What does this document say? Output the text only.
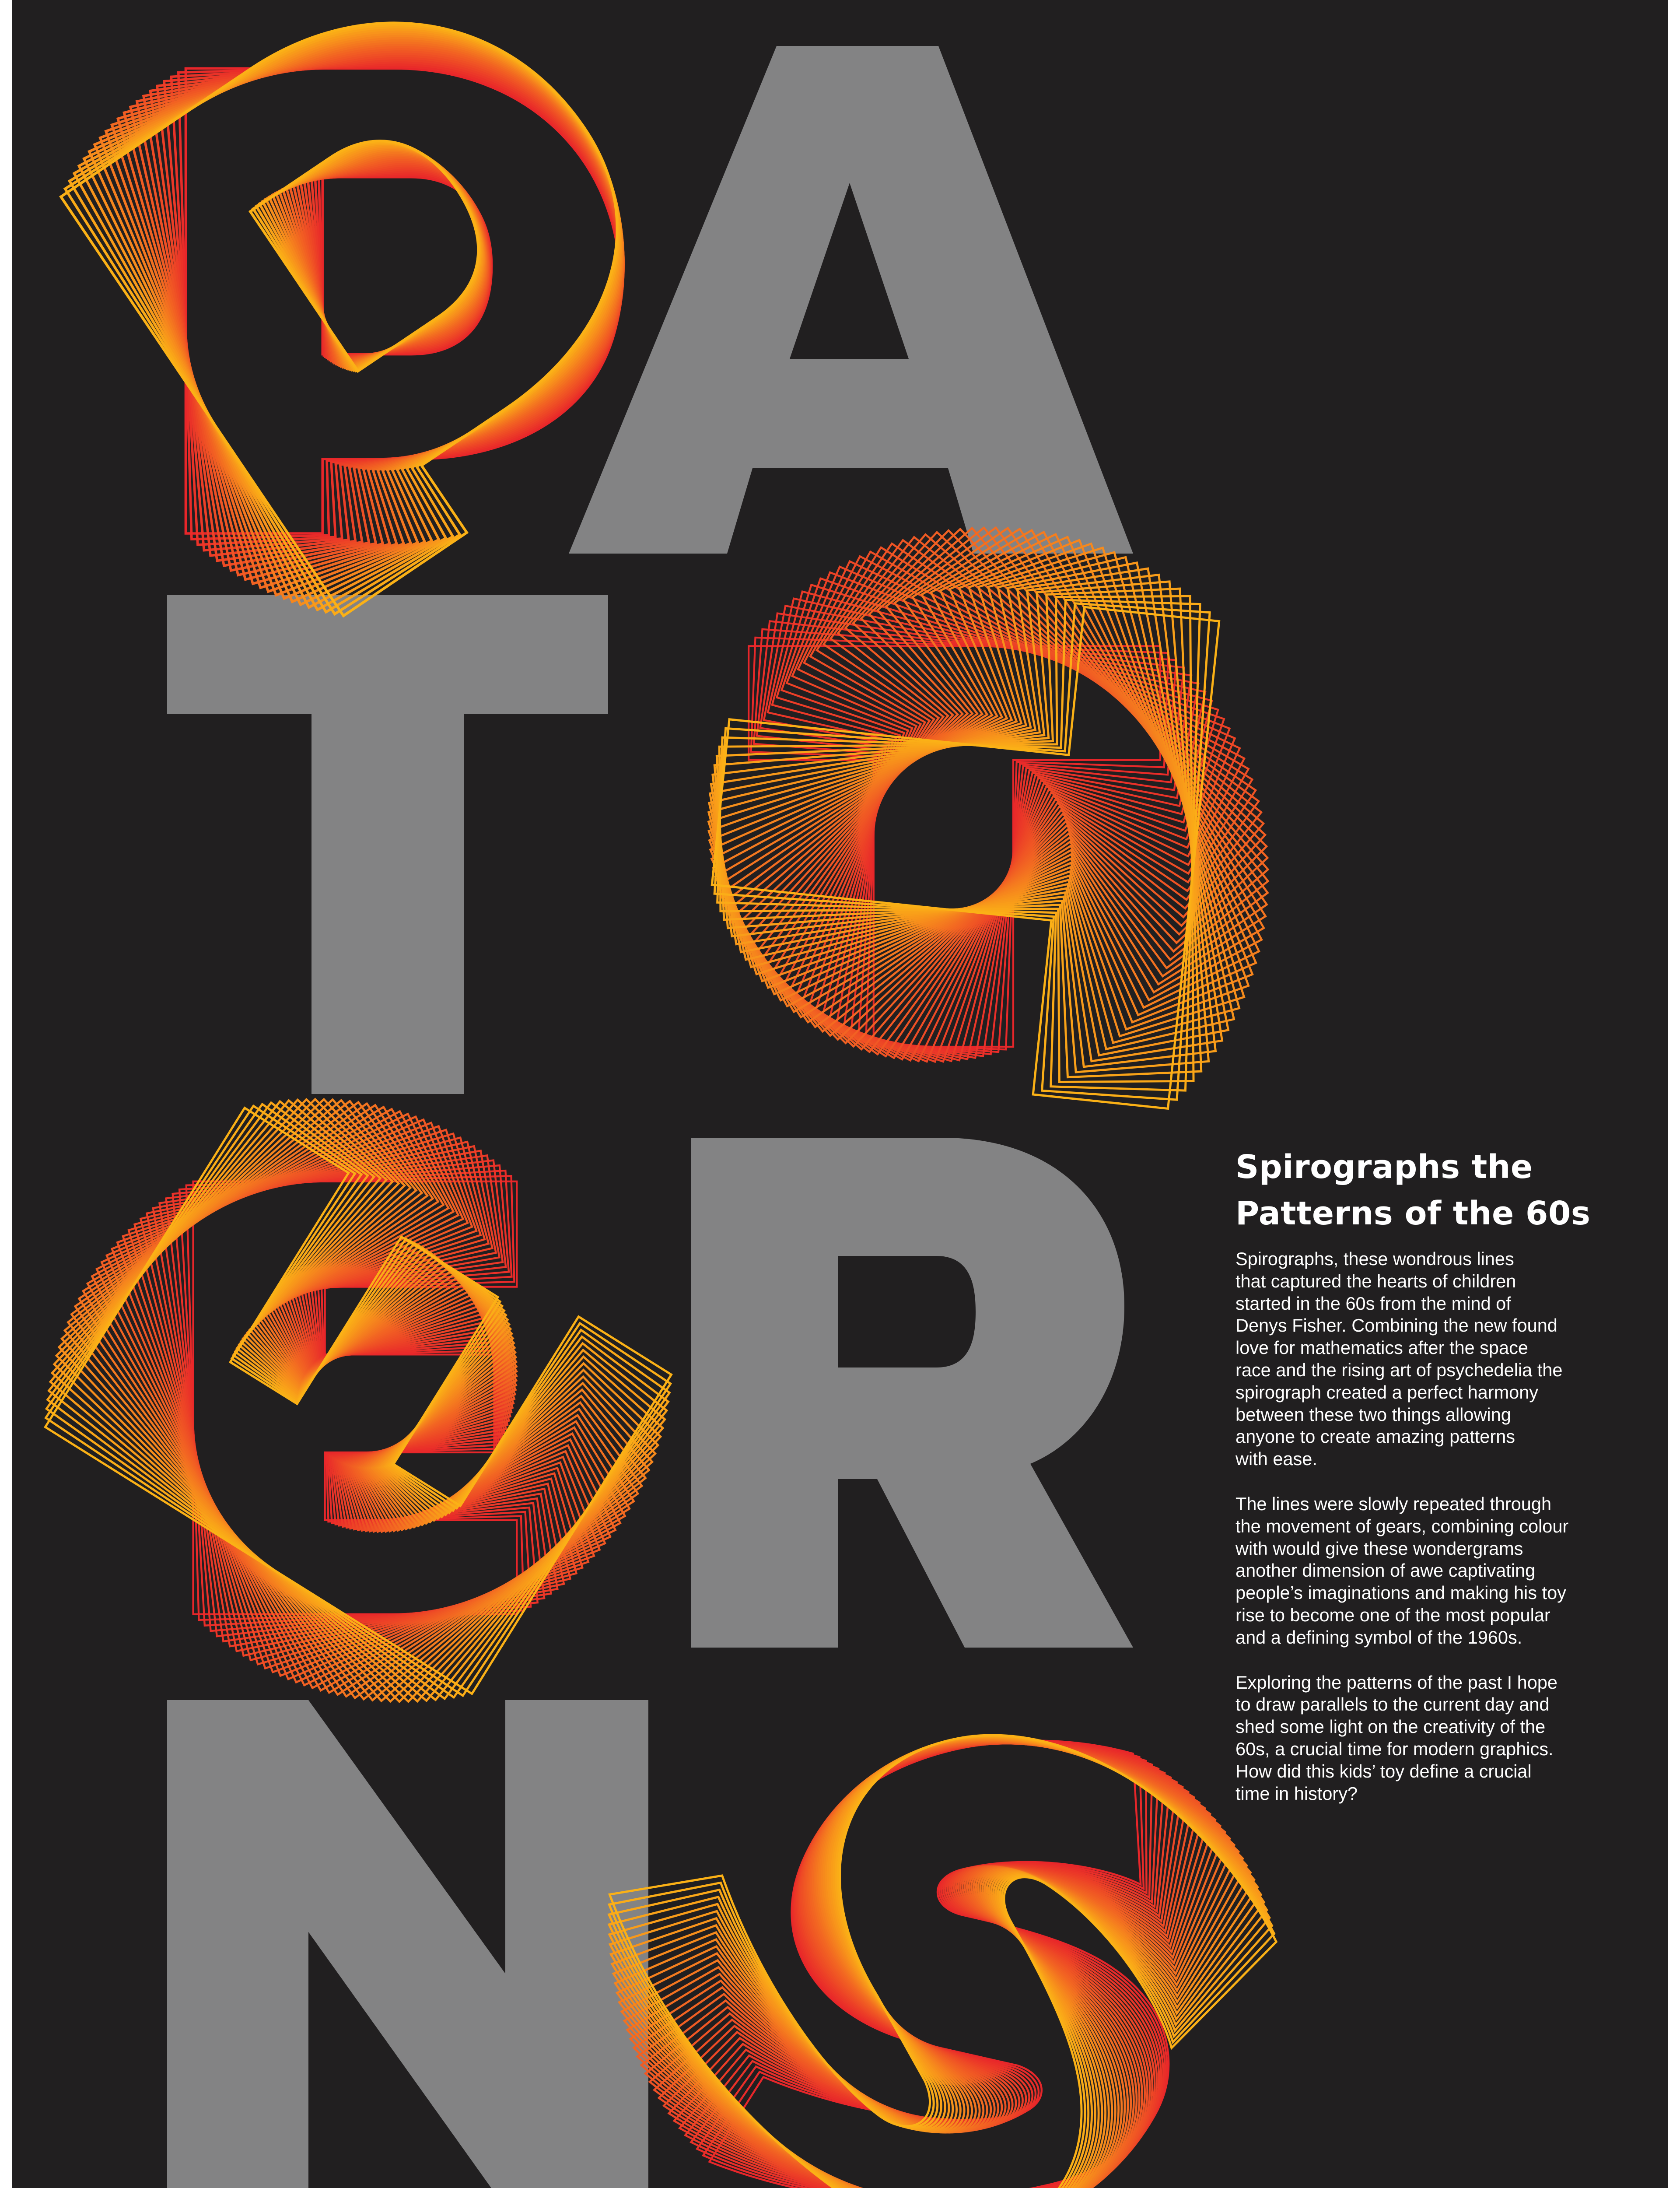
Spirographs the
Patterns of the 60s

Spirographs, these wondrous lines
that captured the hearts of children
started in the 60s from the mind of
Denys Fisher. Combining the new found
love for mathematics after the space
race and the rising art of psychedelia the
spirograph created a perfect harmony
between these two things allowing
anyone to create amazing patterns
with ease.

The lines were slowly repeated through
the movement of gears, combining colour
with would give these wondergrams
another dimension of awe captivating
people’s imaginations and making his toy
rise to become one of the most popular
and a defining symbol of the 1960s.

Exploring the patterns of the past I hope
to draw parallels to the current day and
shed some light on the creativity of the
60s, a crucial time for modern graphics.
How did this kids’ toy define a crucial
time in history?
